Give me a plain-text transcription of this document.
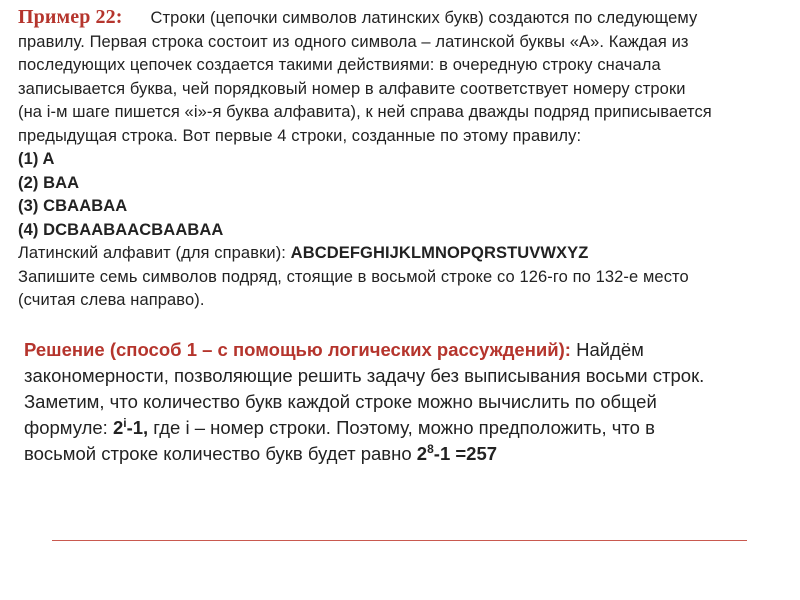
Пример 22: Строки (цепочки символов латинских букв) создаются по следующему
правилу. Первая строка состоит из одного символа – латинской буквы «А». Каждая из
последующих цепочек создается такими действиями: в очередную строку сначала
записывается буква, чей порядковый номер в алфавите соответствует номеру строки
(на i-м шаге пишется «i»-я буква алфавита), к ней справа дважды подряд приписывается
предыдущая строка. Вот первые 4 строки, созданные по этому правилу:
(1) A
(2) BAA
(3) CBAABAA
(4) DCBAABAACBAABAA
Латинский алфавит (для справки): ABCDEFGHIJKLMNOPQRSTUVWXYZ
Запишите семь символов подряд, стоящие в восьмой строке со 126-го по 132-е место
(считая слева направо).
Решение (способ 1 – с помощью логических рассуждений): Найдём
закономерности, позволяющие решить задачу без выписывания восьми строк.
Заметим, что количество букв каждой строке можно вычислить по общей
формуле: 2$^i$-1, где i – номер строки. Поэтому, можно предположить, что в
восьмой строке количество букв будет равно $2^8-1 =257$
